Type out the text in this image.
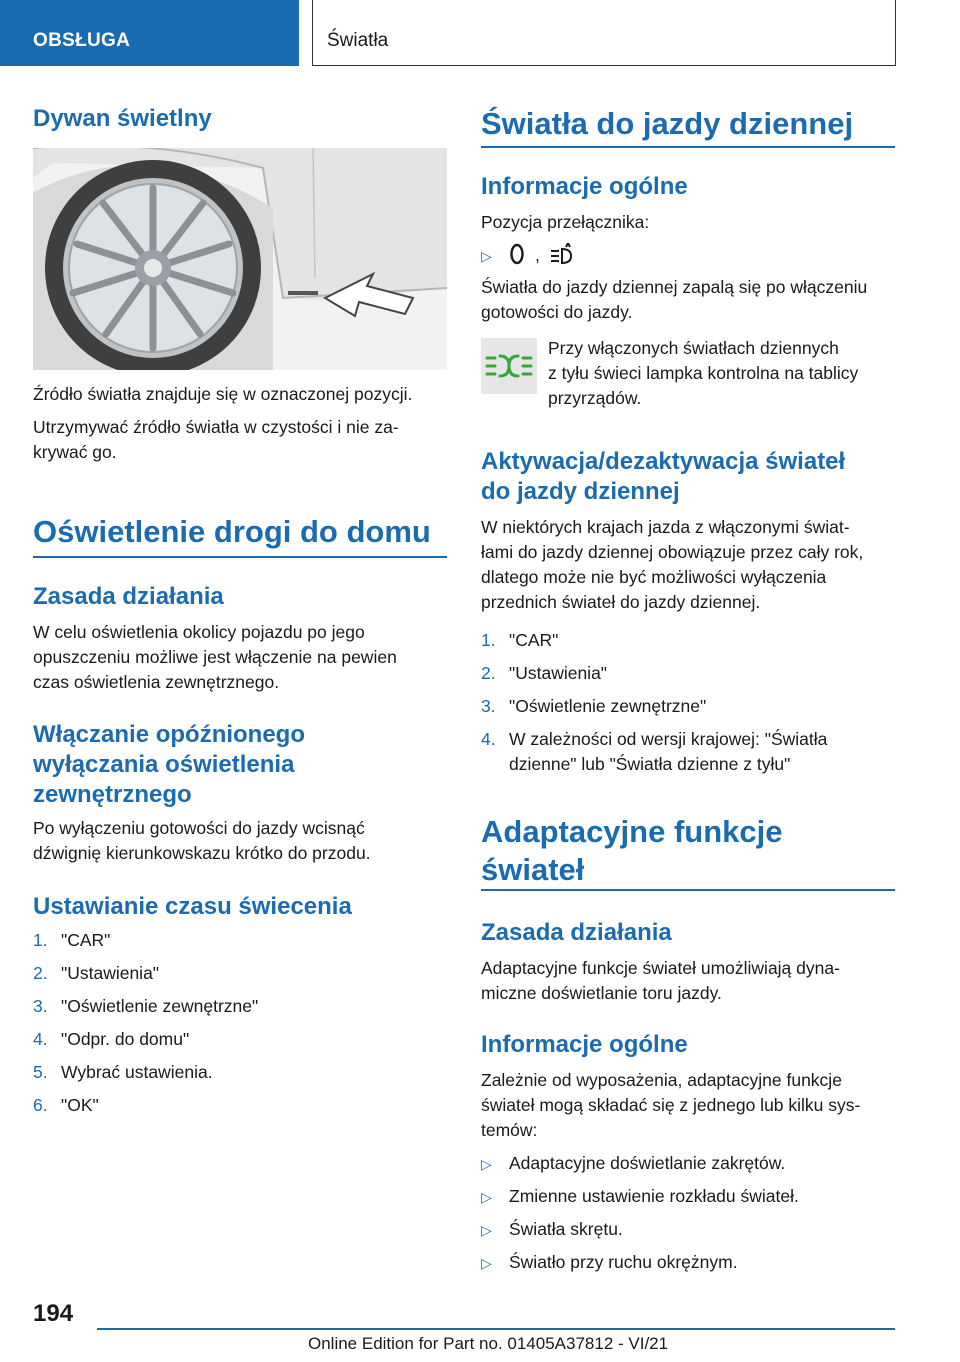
OBSŁUGA	Światła
Dywan świetlny
Źródło światła znajduje się w oznaczonej pozycji.
Utrzymywać źródło światła w czystości i nie za‐
krywać go.
Oświetlenie drogi do domu
Zasada działania
W celu oświetlenia okolicy pojazdu po jego
opuszczeniu możliwe jest włączenie na pewien
czas oświetlenia zewnętrznego.
Włączanie opóźnionego
wyłączania oświetlenia
zewnętrznego
Po wyłączeniu gotowości do jazdy wcisnąć
dźwignię kierunkowskazu krótko do przodu.
Ustawianie czasu świecenia
1. "CAR"
2. "Ustawienia"
3. "Oświetlenie zewnętrzne"
4. "Odpr. do domu"
5. Wybrać ustawienia.
6. "OK"
Światła do jazdy dziennej
Informacje ogólne
Pozycja przełącznika:
▷ ,
Światła do jazdy dziennej zapalą się po włączeniu
gotowości do jazdy.
Przy włączonych światłach dziennych
z tyłu świeci lampka kontrolna na tablicy
przyrządów.
Aktywacja/dezaktywacja świateł
do jazdy dziennej
W niektórych krajach jazda z włączonymi świat‐
łami do jazdy dziennej obowiązuje przez cały rok,
dlatego może nie być możliwości wyłączenia
przednich świateł do jazdy dziennej.
1. "CAR"
2. "Ustawienia"
3. "Oświetlenie zewnętrzne"
4. W zależności od wersji krajowej: "Światła
dzienne" lub "Światła dzienne z tyłu"
Adaptacyjne funkcje
świateł
Zasada działania
Adaptacyjne funkcje świateł umożliwiają dyna‐
miczne doświetlanie toru jazdy.
Informacje ogólne
Zależnie od wyposażenia, adaptacyjne funkcje
świateł mogą składać się z jednego lub kilku sys‐
temów:
▷ Adaptacyjne doświetlanie zakrętów.
▷ Zmienne ustawienie rozkładu świateł.
▷ Światła skrętu.
▷ Światło przy ruchu okrężnym.
194
Online Edition for Part no. 01405A37812 - VI/21
